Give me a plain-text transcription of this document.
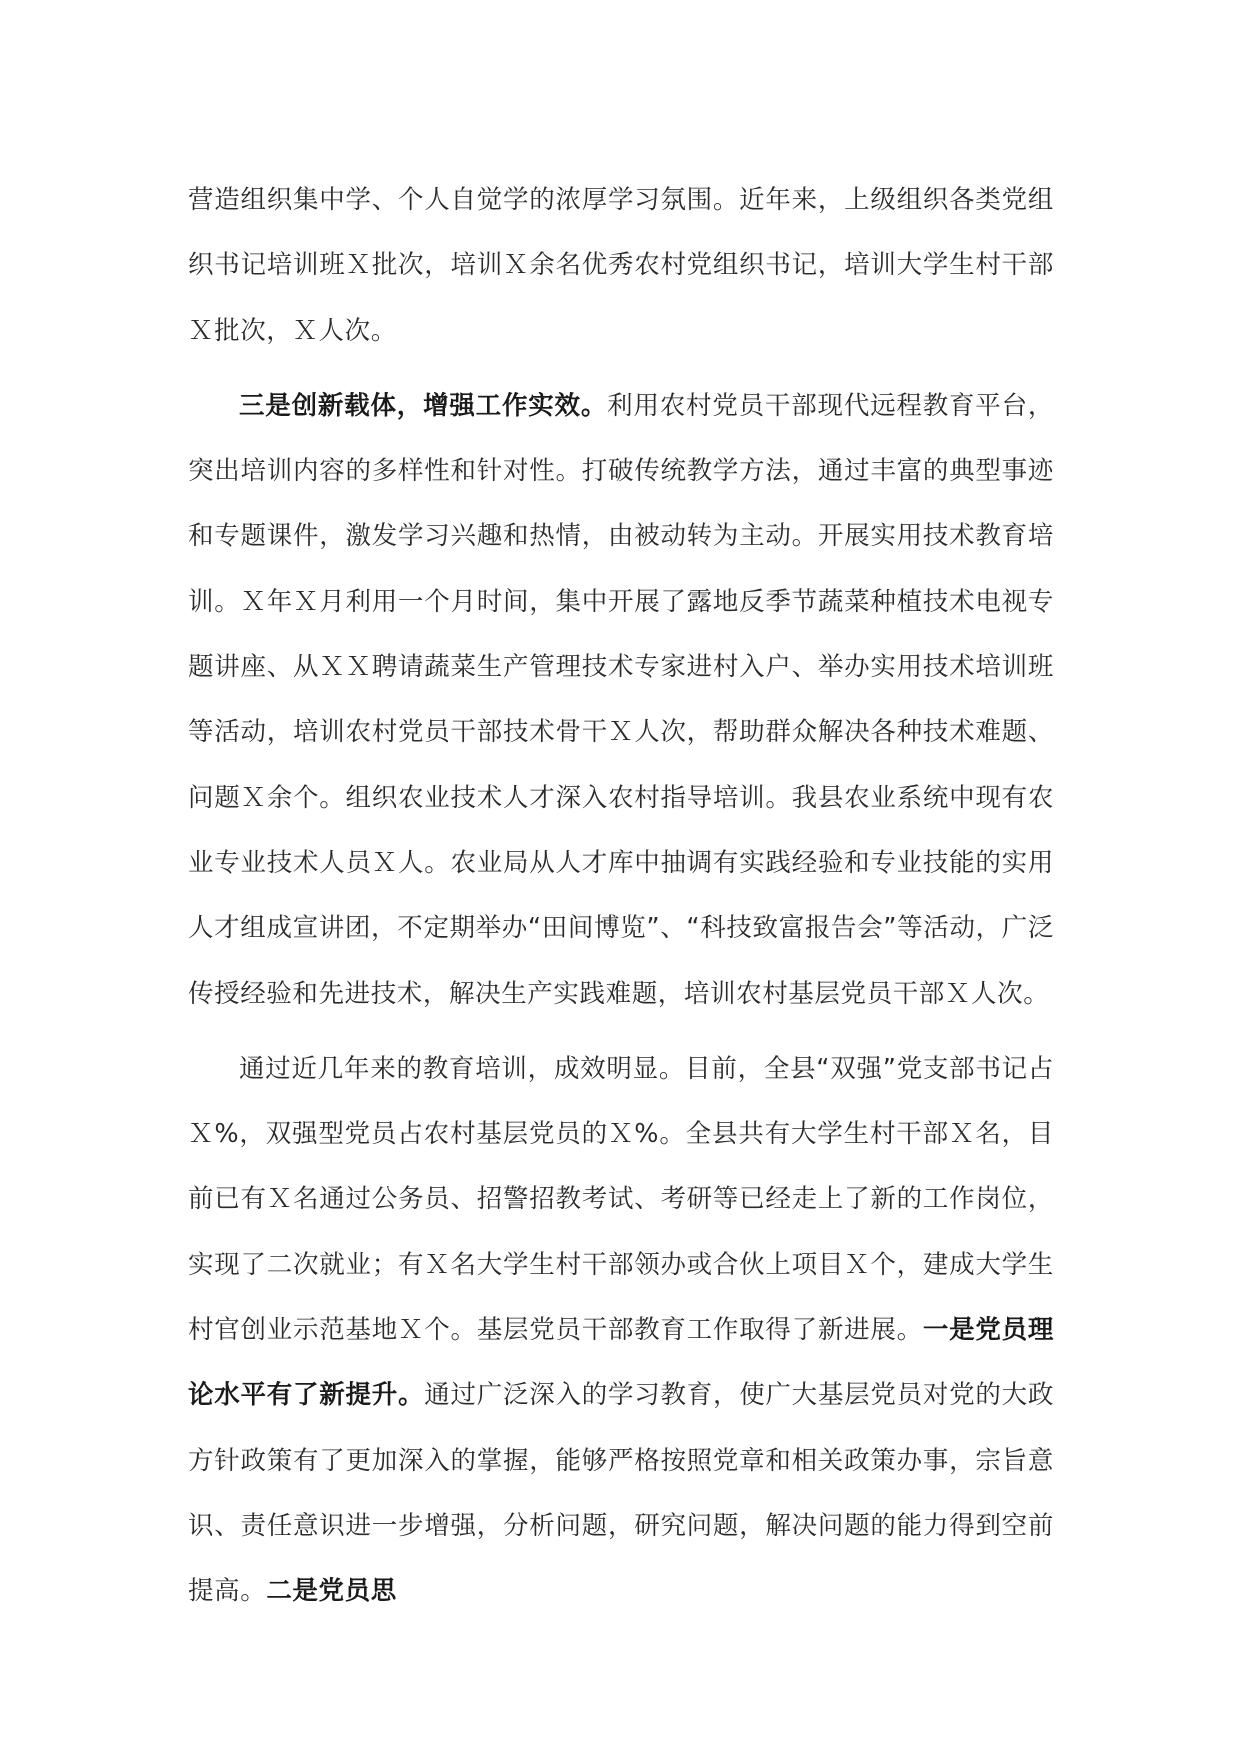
营造组织集中学、个人自觉学的浓厚学习氛围。近年来，上级组织各类党组织书记培训班Ｘ批次，培训Ｘ余名优秀农村党组织书记，培训大学生村干部Ｘ批次，Ｘ人次。

三是创新载体，增强工作实效。利用农村党员干部现代远程教育平台，突出培训内容的多样性和针对性。打破传统教学方法，通过丰富的典型事迹和专题课件，激发学习兴趣和热情，由被动转为主动。开展实用技术教育培训。Ｘ年Ｘ月利用一个月时间，集中开展了露地反季节蔬菜种植技术电视专题讲座、从ＸＸ聘请蔬菜生产管理技术专家进村入户、举办实用技术培训班等活动，培训农村党员干部技术骨干Ｘ人次，帮助群众解决各种技术难题、问题Ｘ余个。组织农业技术人才深入农村指导培训。我县农业系统中现有农业专业技术人员Ｘ人。农业局从人才库中抽调有实践经验和专业技能的实用人才组成宣讲团，不定期举办“田间博览”、“科技致富报告会”等活动，广泛传授经验和先进技术，解决生产实践难题，培训农村基层党员干部Ｘ人次。

通过近几年来的教育培训，成效明显。目前，全县“双强”党支部书记占Ｘ%，双强型党员占农村基层党员的Ｘ%。全县共有大学生村干部Ｘ名，目前已有Ｘ名通过公务员、招警招教考试、考研等已经走上了新的工作岗位，实现了二次就业；有Ｘ名大学生村干部领办或合伙上项目Ｘ个，建成大学生村官创业示范基地Ｘ个。基层党员干部教育工作取得了新进展。一是党员理论水平有了新提升。通过广泛深入的学习教育，使广大基层党员对党的大政方针政策有了更加深入的掌握，能够严格按照党章和相关政策办事，宗旨意识、责任意识进一步增强，分析问题，研究问题，解决问题的能力得到空前提高。二是党员思
